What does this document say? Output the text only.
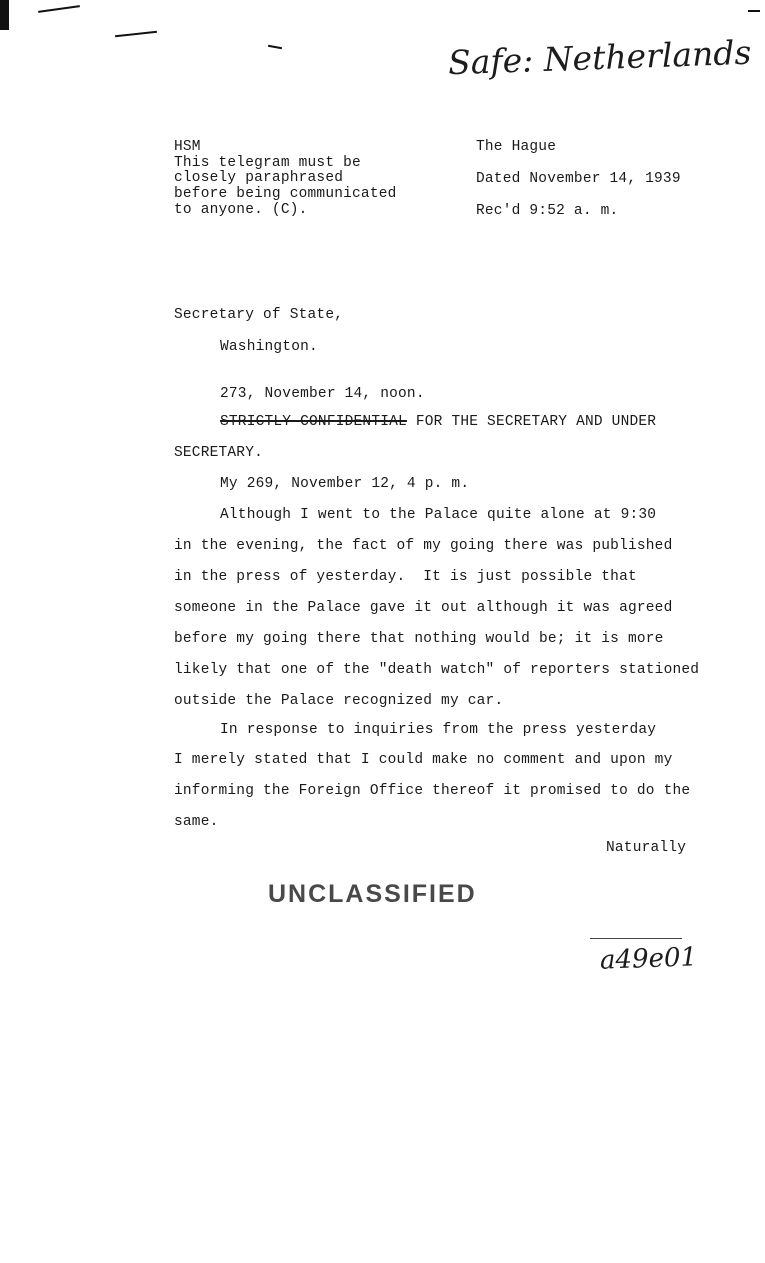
Safe: Netherlands
HSM
This telegram must be
closely paraphrased
before being communicated
to anyone. (C).
The Hague
Dated November 14, 1939
Rec'd 9:52 a. m.
Secretary of State,
Washington.
273, November 14, noon.
STRICTLY CONFIDENTIAL FOR THE SECRETARY AND UNDER
SECRETARY.
My 269, November 12, 4 p. m.
Although I went to the Palace quite alone at 9:30
in the evening, the fact of my going there was published
in the press of yesterday.  It is just possible that
someone in the Palace gave it out although it was agreed
before my going there that nothing would be; it is more
likely that one of the "death watch" of reporters stationed
outside the Palace recognized my car.
In response to inquiries from the press yesterday
I merely stated that I could make no comment and upon my
informing the Foreign Office thereof it promised to do the
same.
Naturally
UNCLASSIFIED
a49e01
